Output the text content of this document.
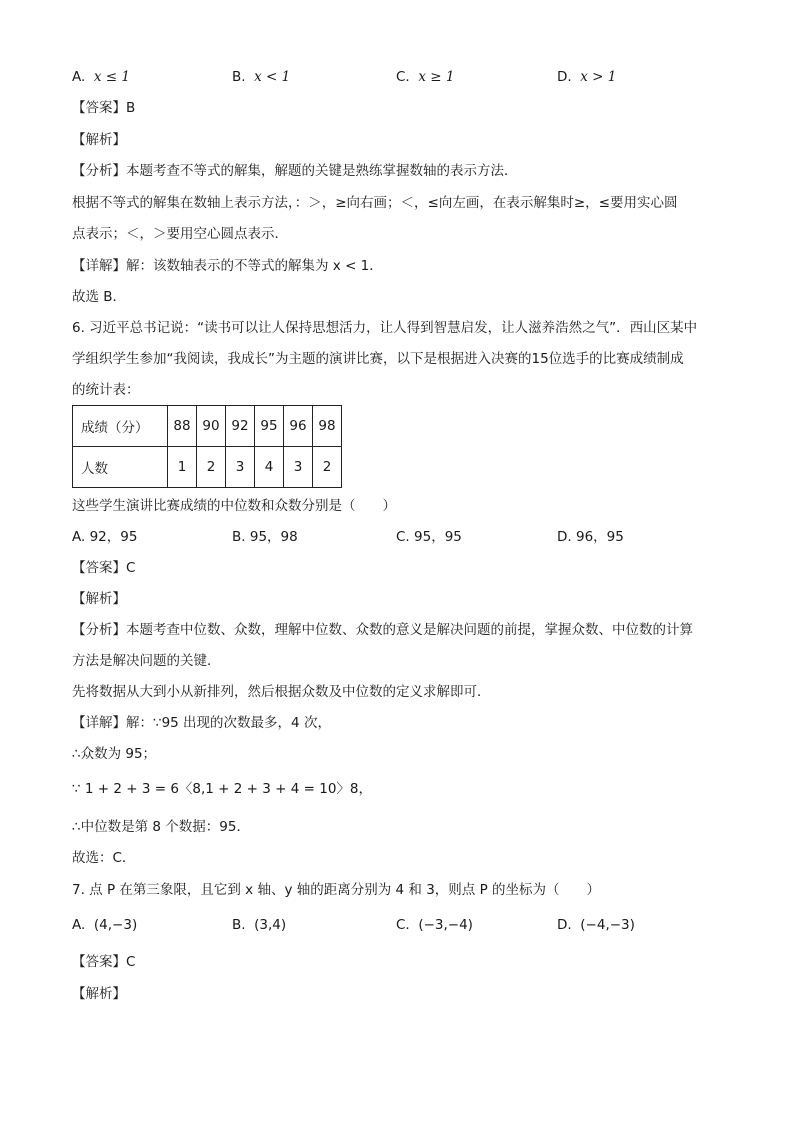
A. x ≤ 1	B. x < 1	C. x ≥ 1	D. x > 1
【答案】B
【解析】
【分析】本题考查不等式的解集，解题的关键是熟练掌握数轴的表示方法．
根据不等式的解集在数轴上表示方法，：＞，≥向右画；＜，≤向左画，在表示解集时≥，≤要用实心圆
点表示；＜，＞要用空心圆点表示．
【详解】解：该数轴表示的不等式的解集为 x < 1．
故选 B．
6. 习近平总书记说：“读书可以让人保持思想活力，让人得到智慧启发，让人滋养浩然之气”．西山区某中
学组织学生参加“我阅读，我成长”为主题的演讲比赛，以下是根据进入决赛的15位选手的比赛成绩制成
的统计表：
成绩（分）	88	90	92	95	96	98
人数	1	2	3	4	3	2
这些学生演讲比赛成绩的中位数和众数分别是（　　）
A. 92，95	B. 95，98	C. 95，95	D. 96，95
【答案】C
【解析】
【分析】本题考查中位数、众数，理解中位数、众数的意义是解决问题的前提，掌握众数、中位数的计算
方法是解决问题的关键．
先将数据从大到小从新排列，然后根据众数及中位数的定义求解即可．
【详解】解：∵95 出现的次数最多，4 次，
∴众数为 95；
∵ 1 + 2 + 3 = 6〈8,1 + 2 + 3 + 4 = 10〉8，
∴中位数是第 8 个数据：95．
故选：C．
7. 点 P 在第三象限，且它到 x 轴、y 轴的距离分别为 4 和 3，则点 P 的坐标为（　　）
A. (4,−3)	B. (3,4)	C. (−3,−4)	D. (−4,−3)
【答案】C
【解析】
